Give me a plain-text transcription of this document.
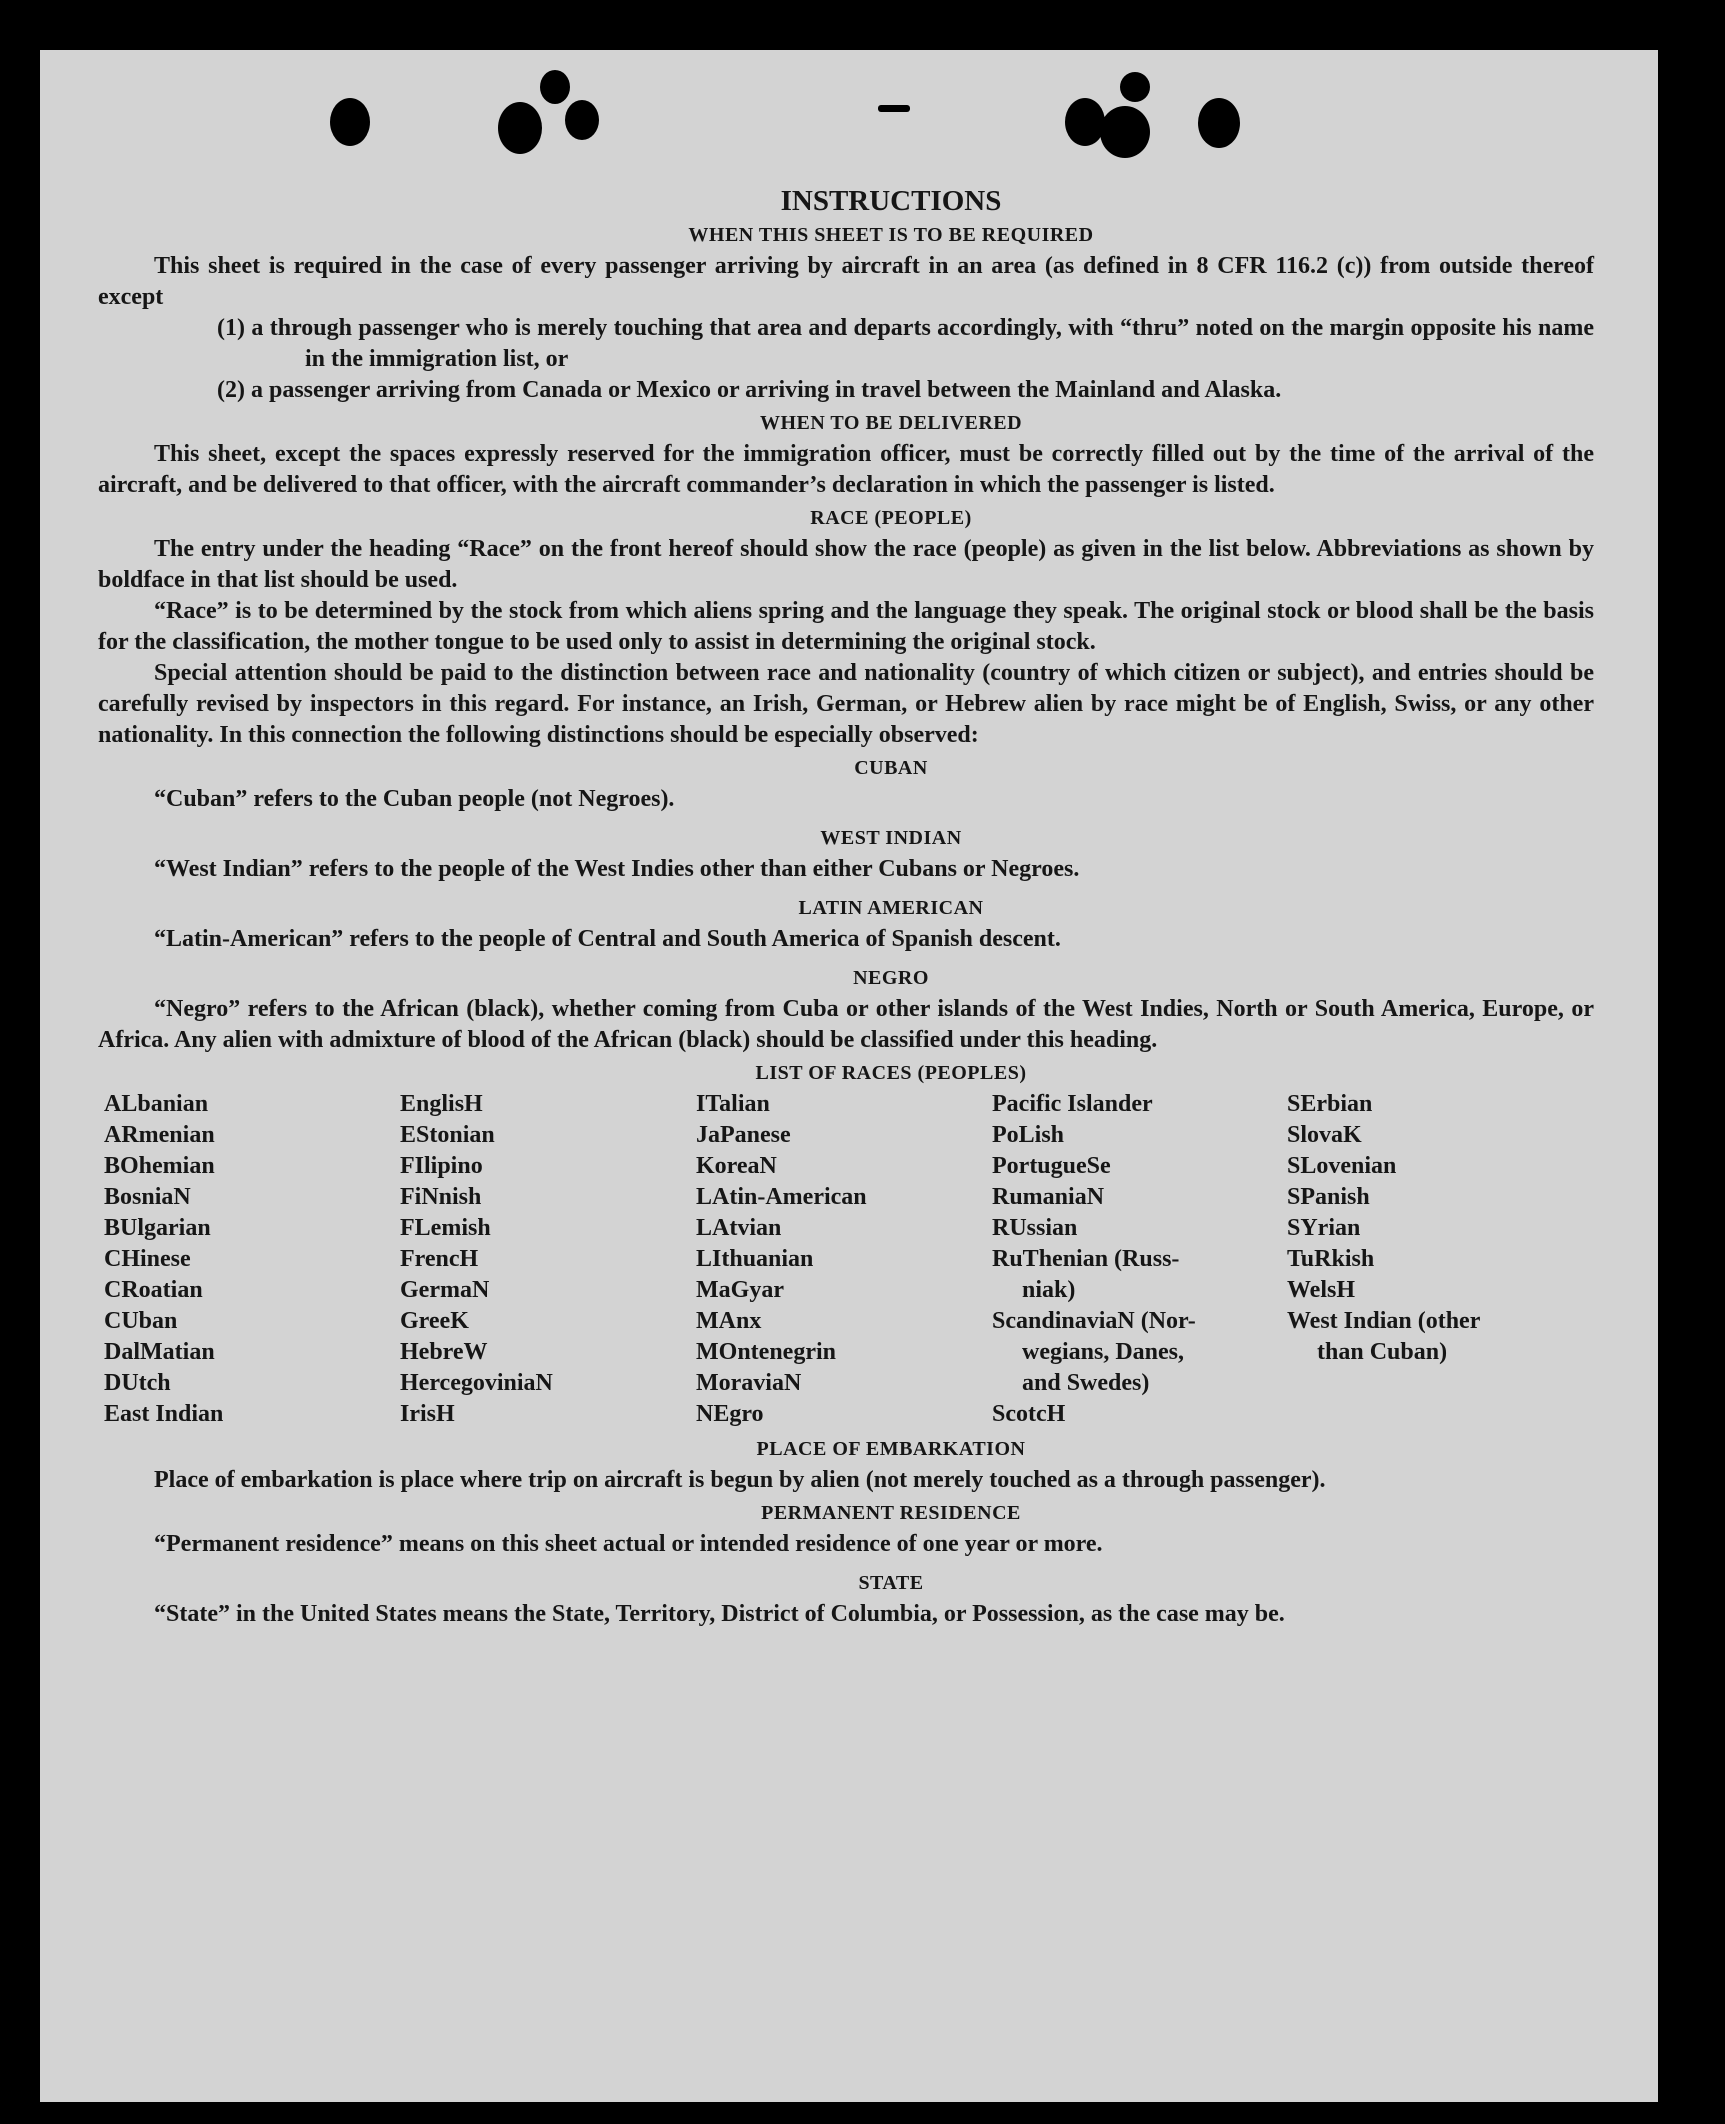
INSTRUCTIONS
WHEN THIS SHEET IS TO BE REQUIRED

This sheet is required in the case of every passenger arriving by aircraft in an area (as defined in 8 CFR 116.2 (c)) from outside thereof except

(1) a through passenger who is merely touching that area and departs accordingly, with “thru” noted on the margin opposite his name in the immigration list, or

(2) a passenger arriving from Canada or Mexico or arriving in travel between the Mainland and Alaska.

WHEN TO BE DELIVERED

This sheet, except the spaces expressly reserved for the immigration officer, must be correctly filled out by the time of the arrival of the aircraft, and be delivered to that officer, with the aircraft commander’s declaration in which the passenger is listed.

RACE (PEOPLE)

The entry under the heading “Race” on the front hereof should show the race (people) as given in the list below. Abbreviations as shown by boldface in that list should be used.

“Race” is to be determined by the stock from which aliens spring and the language they speak. The original stock or blood shall be the basis for the classification, the mother tongue to be used only to assist in determining the original stock.

Special attention should be paid to the distinction between race and nationality (country of which citizen or subject), and entries should be carefully revised by inspectors in this regard. For instance, an Irish, German, or Hebrew alien by race might be of English, Swiss, or any other nationality. In this connection the following distinctions should be especially observed:

CUBAN

“Cuban” refers to the Cuban people (not Negroes).

WEST INDIAN

“West Indian” refers to the people of the West Indies other than either Cubans or Negroes.

LATIN AMERICAN

“Latin-American” refers to the people of Central and South America of Spanish descent.

NEGRO

“Negro” refers to the African (black), whether coming from Cuba or other islands of the West Indies, North or South America, Europe, or Africa. Any alien with admixture of blood of the African (black) should be classified under this heading.

LIST OF RACES (PEOPLES)
ALbanian
ARmenian
BOhemian
BosniaN
BUlgarian
CHinese
CRoatian
CUban
DalMatian
DUtch
East Indian
EnglisH
EStonian
FIlipino
FiNnish
FLemish
FrencH
GermaN
GreeK
HebreW
HercegoviniaN
IrisH
ITalian
JaPanese
KoreaN
LAtin-American
LAtvian
LIthuanian
MaGyar
MAnx
MOntenegrin
MoraviaN
NEgro
Pacific Islander
PoLish
PortugueSe
RumaniaN
RUssian
RuThenian (Russ-
niak)
ScandinaviaN (Nor-
wegians, Danes,
and Swedes)
ScotcH
SErbian
SlovaK
SLovenian
SPanish
SYrian
TuRkish
WelsH
West Indian (other
than Cuban)
PLACE OF EMBARKATION

Place of embarkation is place where trip on aircraft is begun by alien (not merely touched as a through passenger).

PERMANENT RESIDENCE

“Permanent residence” means on this sheet actual or intended residence of one year or more.

STATE

“State” in the United States means the State, Territory, District of Columbia, or Possession, as the case may be.
